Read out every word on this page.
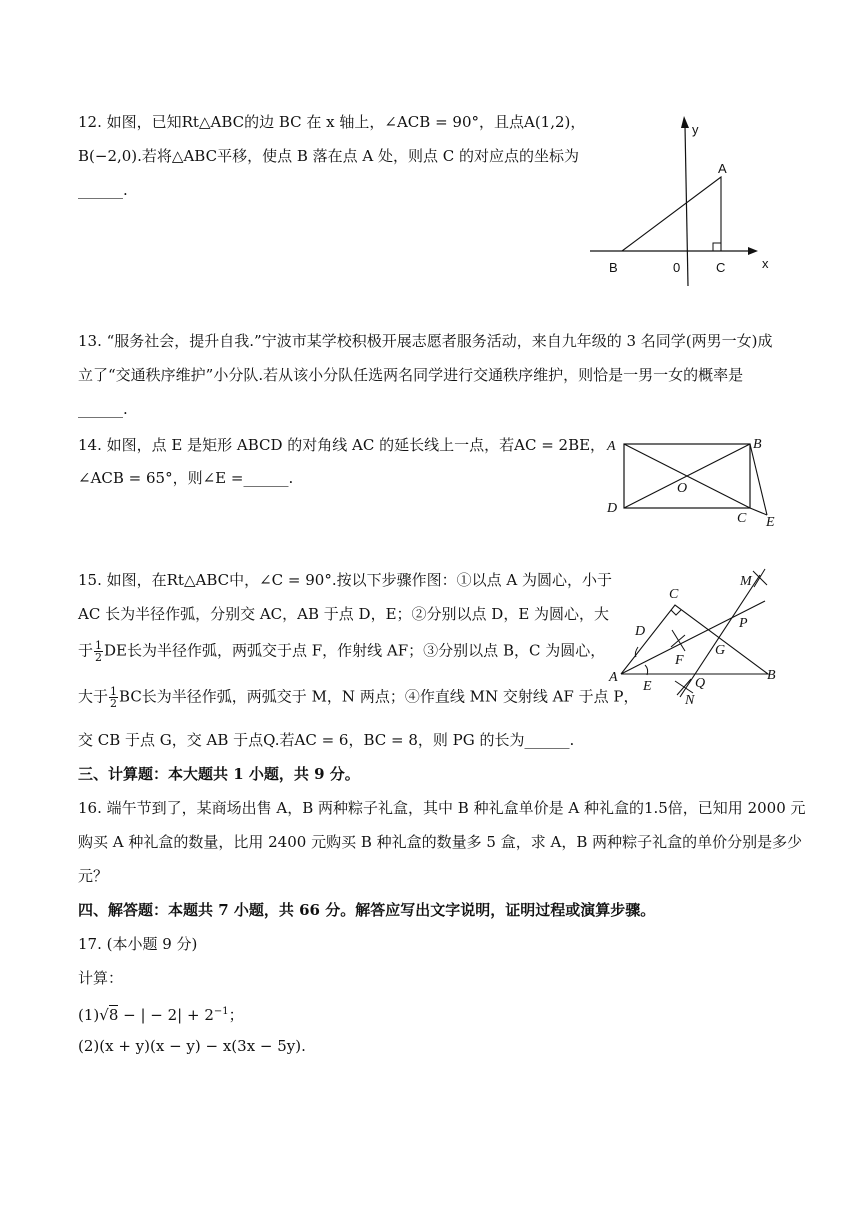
12. 如图，已知Rt△ABC的边 BC 在 x 轴上，∠ACB = 90°，且点A(1,2)，
B(−2,0).若将△ABC平移，使点 B 落在点 A 处，则点 C 的对应点的坐标为
______.
y
x
A
B	C
0
13. “服务社会，提升自我.”宁波市某学校积极开展志愿者服务活动，来自九年级的 3 名同学(两男一女)成
立了“交通秩序维护”小分队.若从该小分队任选两名同学进行交通秩序维护，则恰是一男一女的概率是
______.
14. 如图，点 E 是矩形 ABCD 的对角线 AC 的延长线上一点，若AC = 2BE，
∠ACB = 65°，则∠E =______.
A	B
D
C
O
E
15. 如图，在Rt△ABC中，∠C = 90°.按以下步骤作图：①以点 A 为圆心，小于
AC 长为半径作弧，分别交 AC，AB 于点 D，E；②分别以点 D，E 为圆心，大
于 $\frac{1}{2}$ DE长为半径作弧，两弧交于点 F，作射线 AF；③分别以点 B，C 为圆心，
大于 $\frac{1}{2}$ BC长为半径作弧，两弧交于 M，N 两点；④作直线 MN 交射线 AF 于点 P，
交 CB 于点 G，交 AB 于点Q.若AC = 6，BC = 8，则 PG 的长为______.
A	B
C
D
E
F
G
M
N
P
Q
三、计算题：本大题共 1 小题，共 9 分。
16. 端午节到了，某商场出售 A，B 两种粽子礼盒，其中 B 种礼盒单价是 A 种礼盒的1.5倍，已知用 2000 元
购买 A 种礼盒的数量，比用 2400 元购买 B 种礼盒的数量多 5 盒，求 A，B 两种粽子礼盒的单价分别是多少
元？
四、解答题：本题共 7 小题，共 66 分。解答应写出文字说明，证明过程或演算步骤。
17. (本小题 9 分)
计算：
(1)√8 − | − $2| + 2^{-1}$；
(2)(x + y)(x − y) − x(3x − 5y).
